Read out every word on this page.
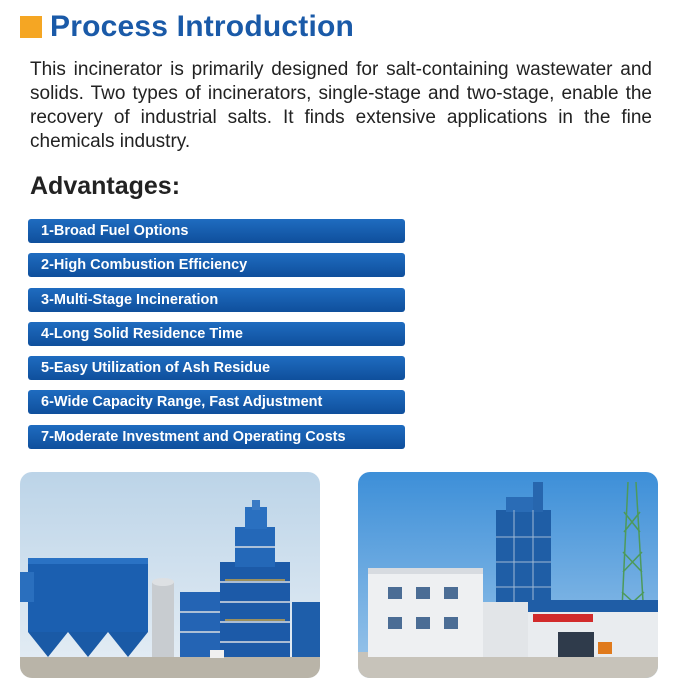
Process Introduction
This incinerator is primarily designed for salt-containing wastewater and solids. Two types of incinerators, single-stage and two-stage, enable the recovery of industrial salts. It finds extensive applications in the fine chemicals industry.
Advantages:
1-Broad Fuel Options
2-High Combustion Efficiency
3-Multi-Stage Incineration
4-Long Solid Residence Time
5-Easy Utilization of Ash Residue
6-Wide Capacity Range, Fast Adjustment
7-Moderate Investment and Operating Costs
